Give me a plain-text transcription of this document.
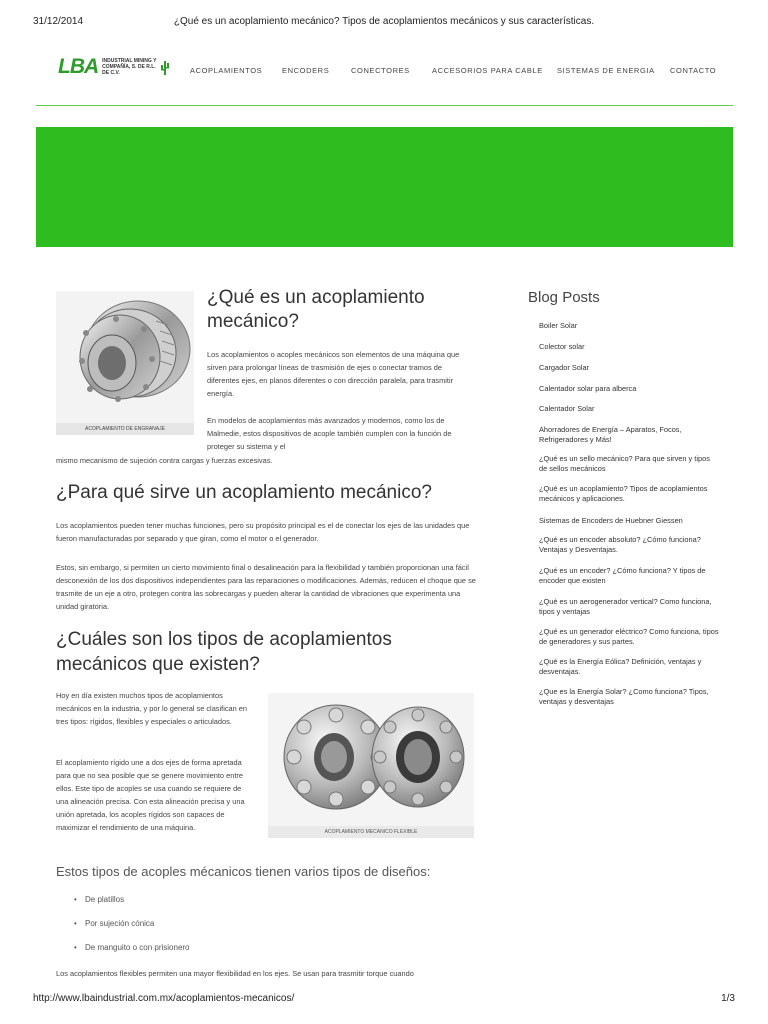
31/12/2014	¿Qué es un acoplamiento mecánico? Tipos de acoplamientos mecánicos y sus características.
LBA INDUSTRIAL MINING Y COMPAÑÍA, S. DE R.L. DE C.V.	ACOPLAMIENTOS	ENCODERS	CONECTORES	ACCESORIOS PARA CABLE SISTEMAS DE ENERGIA CONTACTO
ACOPLAMIENTO DE ENGRANAJE
¿Qué es un acoplamiento mecánico?

Los acoplamientos o acoples mecánicos son elementos de una máquina que sirven para prolongar líneas de trasmisión de ejes o conectar tramos de diferentes ejes, en planos diferentes o con dirección paralela, para trasmitir energía.

En modelos de acoplamientos más avanzados y modernos, como los de Malmedie, estos dispositivos de acople también cumplen con la función de proteger su sistema y el

mismo mecanismo de sujeción contra cargas y fuerzas excesivas.

¿Para qué sirve un acoplamiento mecánico?

Los acoplamientos pueden tener muchas funciones, pero su propósito principal es el de conectar los ejes de las unidades que fueron manufacturadas por separado y que giran, como el motor o el generador.

Estos, sin embargo, si permiten un cierto movimiento final o desalineación para la flexibilidad y también proporcionan una fácil desconexión de los dos dispositivos independientes para las reparaciones o modificaciones. Además, reducen el choque que se trasmite de un eje a otro, protegen contra las sobrecargas y pueden alterar la cantidad de vibraciones que experimenta una unidad giratoria.

¿Cuáles son los tipos de acoplamientos mecánicos que existen?

Hoy en día existen muchos tipos de acoplamientos mecánicos en la industria, y por lo general se clasifican en tres tipos: rígidos, flexibles y especiales o articulados.

El acoplamiento rígido une a dos ejes de forma apretada para que no sea posible que se genere movimiento entre ellos. Este tipo de acoples se usa cuando se requiere de una alineación precisa. Con esta alineación precisa y una unión apretada, los acoples rígidos son capaces de maximizar el rendimiento de una máquina.	ACOPLAMIENTO MECANICO FLEXIBLE
Estos tipos de acoples mécanicos tienen varios tipos de diseños:
• De platillos
• Por sujeción cónica
• De manguito o con prisionero
Los acoplamientos flexibles permiten una mayor flexibilidad en los ejes. Se usan para trasmitir torque cuando
Blog Posts
Boiler Solar
Colector solar
Cargador Solar
Calentador solar para alberca
Calentador Solar
Ahorradores de Energía – Aparatos, Focos, Refrigeradores y Más!
¿Qué es un sello mecánico? Para que sirven y tipos de sellos mecánicos
¿Qué es un acoplamiento? Tipos de acoplamientos mecánicos y aplicaciones.
Sistemas de Encoders de Huebner Giessen
¿Qué es un encoder absoluto? ¿Cómo funciona? Ventajas y Desventajas.
¿Qué es un encoder? ¿Cómo funciona? Y tipos de encoder que existen
¿Qué es un aerogenerador vertical? Como funciona, tipos y ventajas
¿Qué es un generador eléctrico? Como funciona, tipos de generadores y sus partes.
¿Qué es la Energía Eólica? Definición, ventajas y desventajas.
¿Que es la Energía Solar? ¿Como funciona? Tipos, ventajas y desventajas
http://www.lbaindustrial.com.mx/acoplamientos-mecanicos/	1/3
